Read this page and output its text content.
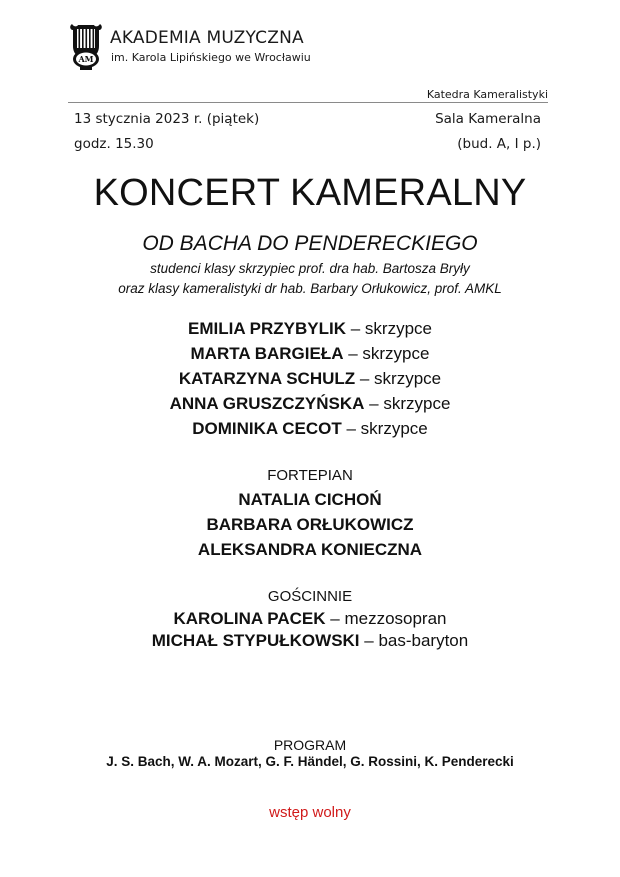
AM
AKADEMIA MUZYCZNA
im. Karola Lipińskiego we Wrocławiu
Katedra Kameralistyki
13 stycznia 2023 r. (piątek)
godz. 15.30
Sala Kameralna
(bud. A, I p.)
KONCERT KAMERALNY
OD BACHA DO PENDERECKIEGO
studenci klasy skrzypiec prof. dra hab. Bartosza Bryły
oraz klasy kameralistyki dr hab. Barbary Orłukowicz, prof. AMKL
EMILIA PRZYBYLIK – skrzypce
MARTA BARGIEŁA – skrzypce
KATARZYNA SCHULZ – skrzypce
ANNA GRUSZCZYŃSKA – skrzypce
DOMINIKA CECOT – skrzypce
FORTEPIAN
NATALIA CICHOŃ
BARBARA ORŁUKOWICZ
ALEKSANDRA KONIECZNA
GOŚCINNIE
KAROLINA PACEK – mezzosopran
MICHAŁ STYPUŁKOWSKI – bas-baryton
PROGRAM
J. S. Bach, W. A. Mozart, G. F. Händel, G. Rossini, K. Penderecki
wstęp wolny
